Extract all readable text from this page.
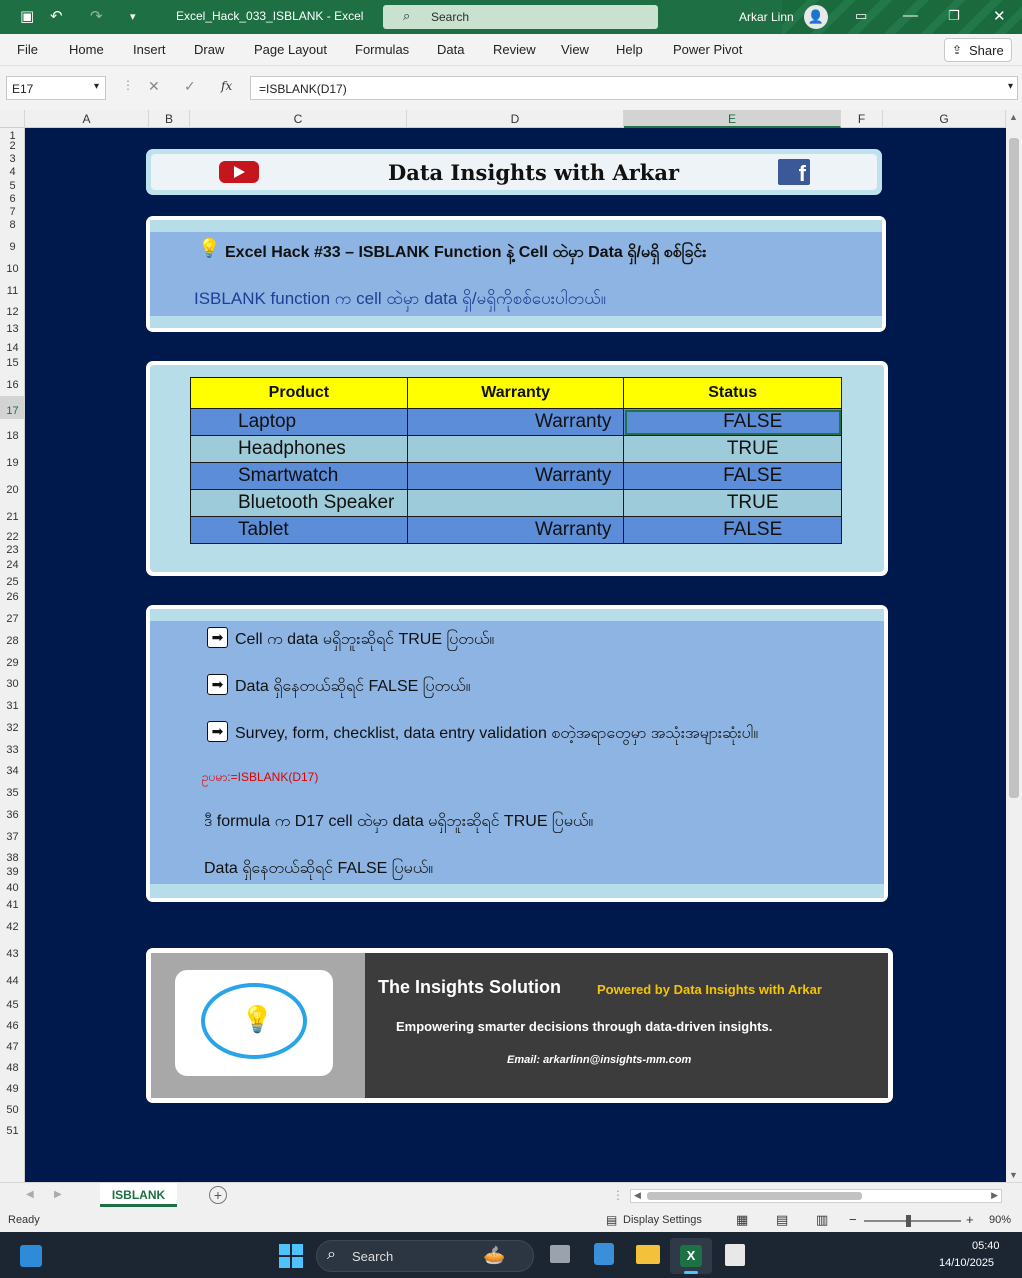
▣ ↶ ↷ ▾	Excel_Hack_033_ISBLANK - Excel	⌕ Search	Arkar Linn	👤	▭ — ❐ ✕
File Home Insert Draw Page Layout Formulas Data Review View Help Power Pivot	⇪ Share
E17	▾ ⋮ ✕ ✓ fx =ISBLANK(D17)	▾
A	B	C	D	E	F	G
1
2
3
4
5
6
7
8
9
10
11
12
13
14
15
16
17
18
19
20
21
22
23
24
25
26
27
28
29
30
31
32
33
34
35
36
37
38
39
40
41
42
43
44
45
46
47
48
49
50
51
Data Insights with Arkar	f
💡 Excel Hack #33 – ISBLANK Function နဲ့ Cell ထဲမှာ Data ရှိ/မရှိ စစ်ခြင်း
ISBLANK function က cell ထဲမှာ data ရှိ/မရှိကိုစစ်ပေးပါတယ်။
Product	Warranty	Status
Laptop	Warranty	FALSE
Headphones		TRUE
Smartwatch	Warranty	FALSE
Bluetooth Speaker		TRUE
Tablet	Warranty	FALSE
➡ Cell က data မရှိဘူးဆိုရင် TRUE ပြတယ်။
➡ Data ရှိနေတယ်ဆိုရင် FALSE ပြတယ်။
➡ Survey, form, checklist, data entry validation စတဲ့အရာတွေမှာ အသုံးအများဆုံးပါ။
ဥပမာ:=ISBLANK(D17)
ဒီ formula က D17 cell ထဲမှာ data မရှိဘူးဆိုရင် TRUE ပြမယ်။
Data ရှိနေတယ်ဆိုရင် FALSE ပြမယ်။
💡
The Insights Solution	Powered by Data Insights with Arkar
Empowering smarter decisions through data-driven insights.
Email: arkarlinn@insights-mm.com
▲
▼
◀ ▶	ISBLANK	+	⋮ ◀	▶
Ready	▤ Display Settings	▦ ▤ ▥ −	+ 90%
⌕ Search	🥧	X
05:40
14/10/2025
